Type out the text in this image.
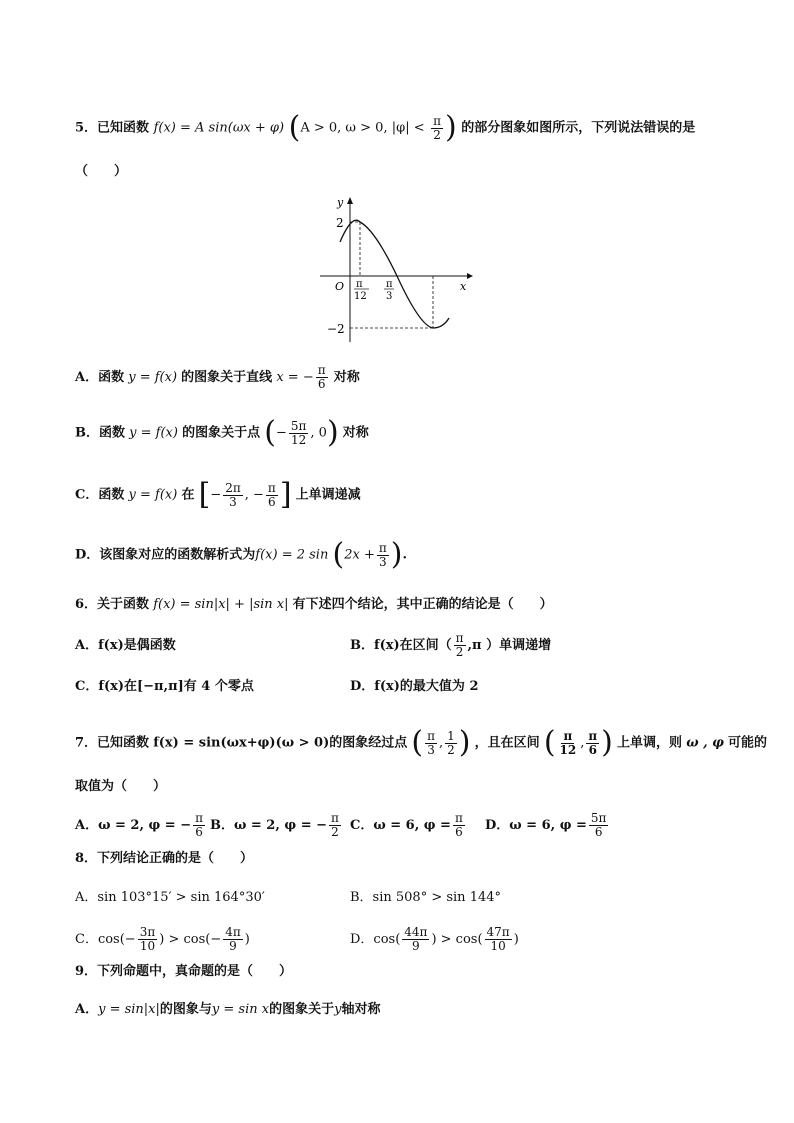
5．已知函数 f(x) = A sin(ωx + φ) (A > 0, ω > 0, $|\varphi| < \frac{\pi}{2}$ ) 的部分图象如图所示，下列说法错误的是
（　　）
y
x
O
2
−2
π
12
π
3
A．函数 y = f(x) 的图象关于直线 x = − $\frac{\pi}{6}$ 对称
B．函数 y = f(x) 的图象关于点 (− $\frac{5\pi}{12}$ , 0) 对称
C．函数 y = f(x) 在 [− $\frac{2\pi}{3}$ , − $\frac{\pi}{6}$ ] 上单调递减
D．该图象对应的函数解析式为f(x) = 2 $\sin (2x + \frac{\pi}{3}$ ).
6．关于函数 f(x) = sin|x| + |sin x| 有下述四个结论，其中正确的结论是（　　）
A．f(x)是偶函数	B．f(x)在区间（ $\frac{\pi}{2} ,\pi$ ）单调递增
C．f(x)在[−π,π]有 4 个零点	D．f(x)的最大值为 2
7．已知函数 f(x) = sin(ωx+φ)(ω > 0)的图象经过点 ( $\frac{\pi}{3}$ , $\frac{1}{2}$ ) ，且在区间 ( $\frac{\pi}{12}$ , $\frac{\pi}{6}$ ) 上单调，则 ω , φ 可能的
取值为（　　）
A．ω = 2, φ = − $\frac{\pi}{6}$ B．ω = 2, φ = − $\frac{\pi}{2}$ C．ω = 6, $\varphi = \frac{\pi}{6}$ D．ω = 6, $\varphi = \frac{5\pi}{6}$
8．下列结论正确的是（　　）
A．sin 103°15′ > sin 164°30′	B．sin 508° > sin 144°
C．$\cos(- \frac{3\pi}{10}$ ) > $\cos(- \frac{4\pi}{9}$ )	D．$\cos( \frac{44\pi}{9}$ ) > $\cos( \frac{47\pi}{10}$ )
9．下列命题中，真命题的是（　　）
A．y = sin|x|的图象与y = sin x的图象关于y轴对称
